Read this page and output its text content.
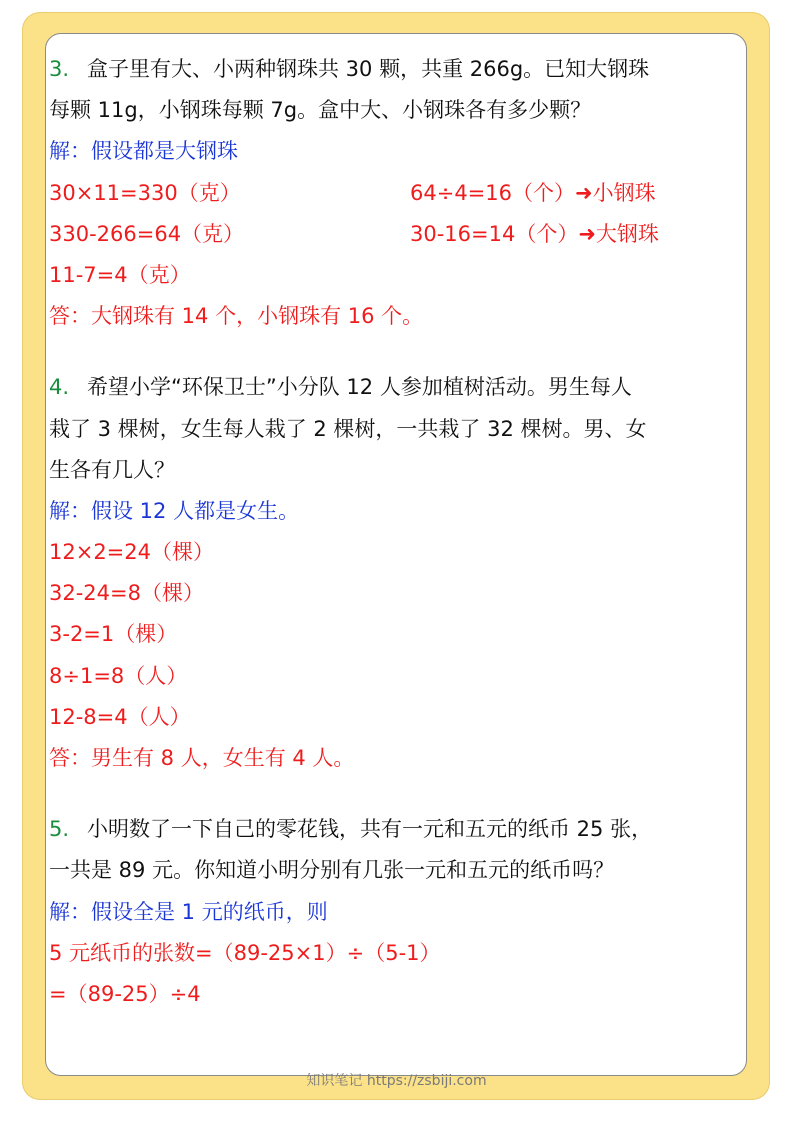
3. 盒子里有大、小两种钢珠共 30 颗，共重 266g。已知大钢珠
每颗 11g，小钢珠每颗 7g。盒中大、小钢珠各有多少颗？
解：假设都是大钢珠
30×11=330（克）	64÷4=16（个）➜小钢珠
330-266=64（克）	30-16=14（个）➜大钢珠
11-7=4（克）
答：大钢珠有 14 个，小钢珠有 16 个。
4. 希望小学“环保卫士”小分队 12 人参加植树活动。男生每人
栽了 3 棵树，女生每人栽了 2 棵树，一共栽了 32 棵树。男、女
生各有几人？
解：假设 12 人都是女生。
12×2=24（棵）
32-24=8（棵）
3-2=1（棵）
8÷1=8（人）
12-8=4（人）
答：男生有 8 人，女生有 4 人。
5. 小明数了一下自己的零花钱，共有一元和五元的纸币 25 张，
一共是 89 元。你知道小明分别有几张一元和五元的纸币吗？
解：假设全是 1 元的纸币，则
5 元纸币的张数=（89-25×1）÷（5-1）
=（89-25）÷4
知识笔记 https://zsbiji.com
